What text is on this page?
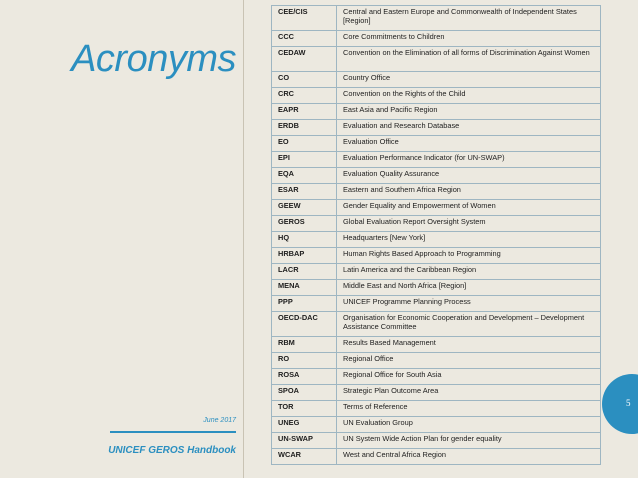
Acronyms
June 2017
UNICEF GEROS Handbook
5
CEE/CIS	Central and Eastern Europe and Commonwealth of Independent States [Region]
CCC	Core Commitments to Children
CEDAW	Convention on the Elimination of all forms of Discrimination Against Women
CO	Country Office
CRC	Convention on the Rights of the Child
EAPR	East Asia and Pacific Region
ERDB	Evaluation and Research Database
EO	Evaluation Office
EPI	Evaluation Performance Indicator (for UN-SWAP)
EQA	Evaluation Quality Assurance
ESAR	Eastern and Southern Africa Region
GEEW	Gender Equality and Empowerment of Women
GEROS	Global Evaluation Report Oversight System
HQ	Headquarters [New York]
HRBAP	Human Rights Based Approach to Programming
LACR	Latin America and the Caribbean Region
MENA	Middle East and North Africa [Region]
PPP	UNICEF Programme Planning Process
OECD-DAC	Organisation for Economic Cooperation and Development – Development Assistance Committee
RBM	Results Based Management
RO	Regional Office
ROSA	Regional Office for South Asia
SPOA	Strategic Plan Outcome Area
TOR	Terms of Reference
UNEG	UN Evaluation Group
UN-SWAP	UN System Wide Action Plan for gender equality
WCAR	West and Central Africa Region
